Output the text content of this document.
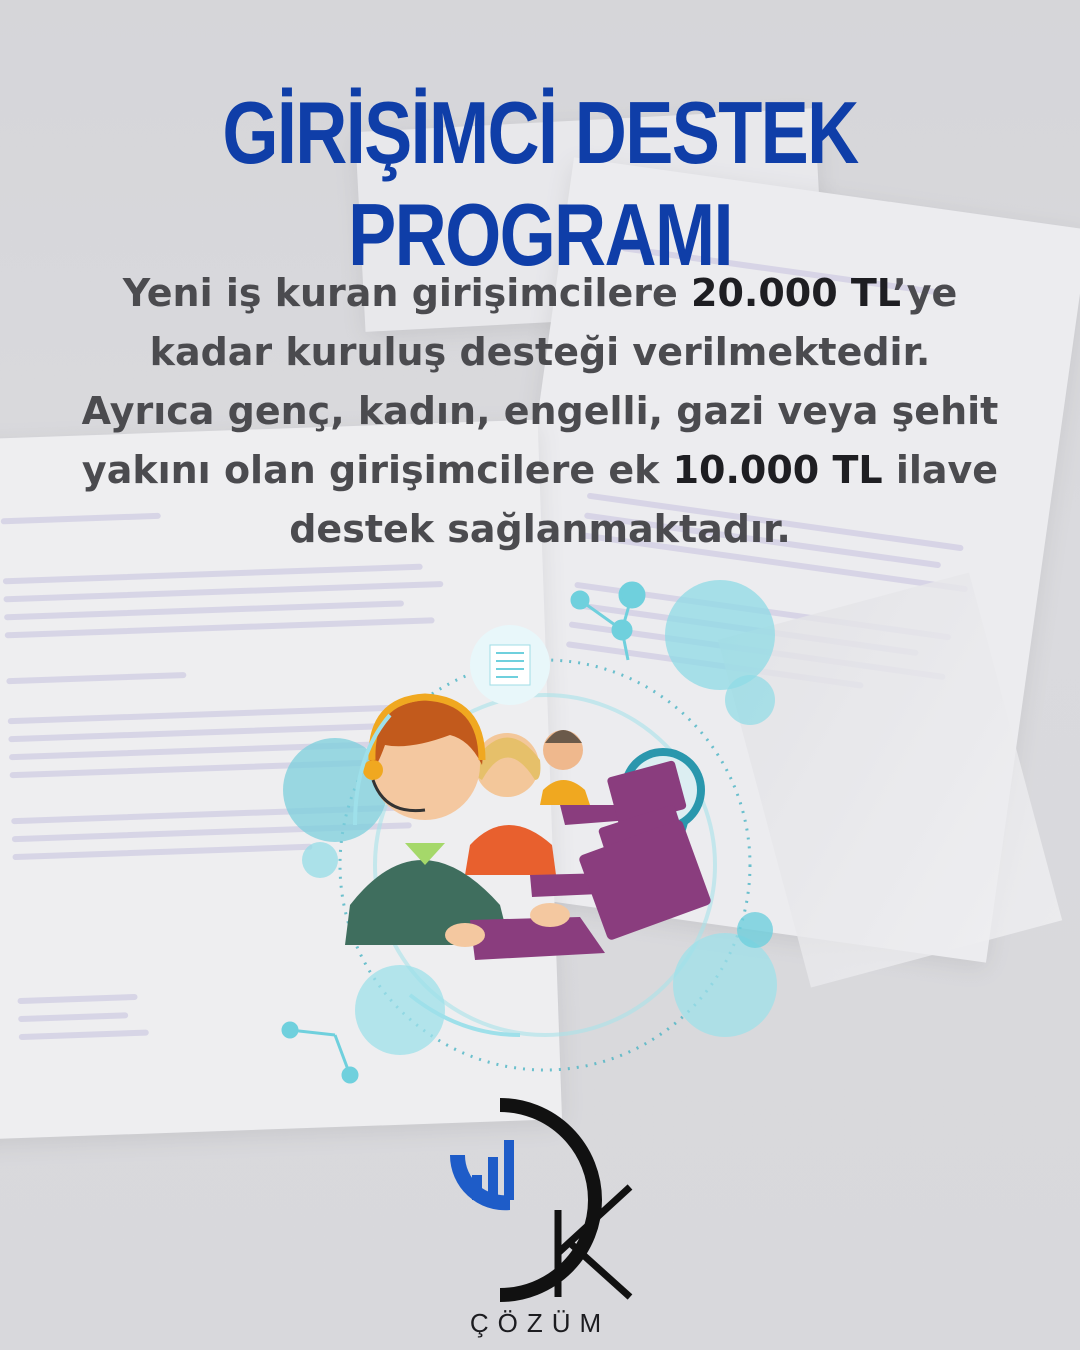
GİRİŞİMCİ DESTEK PROGRAMI
Yeni iş kuran girişimcilere 20.000 TL’ye
kadar kuruluş desteği verilmektedir.
Ayrıca genç, kadın, engelli, gazi veya şehit
yakını olan girişimcilere ek 10.000 TL ilave
destek sağlanmaktadır.
ÇÖZÜM
